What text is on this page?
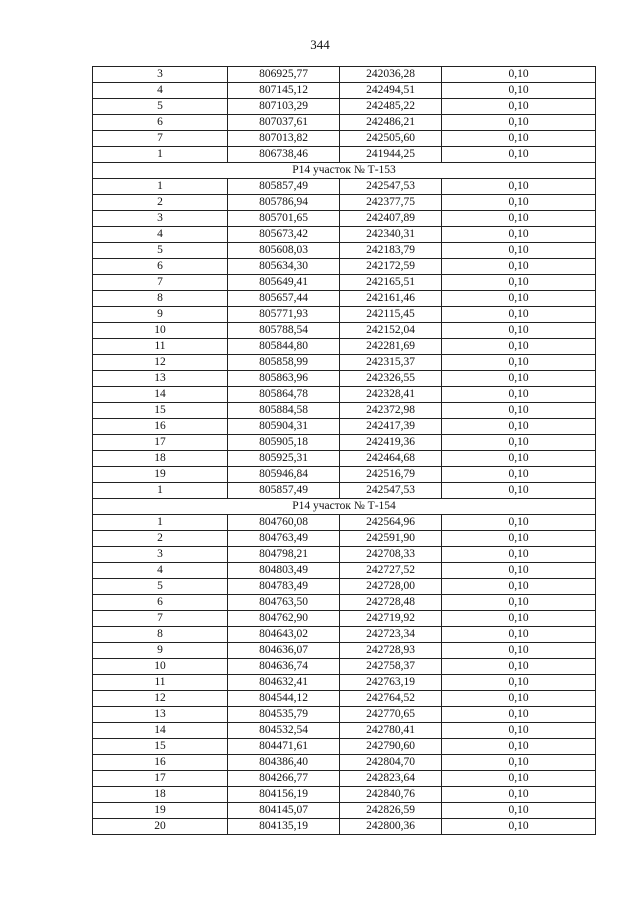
344
3	806925,77	242036,28	0,10
4	807145,12	242494,51	0,10
5	807103,29	242485,22	0,10
6	807037,61	242486,21	0,10
7	807013,82	242505,60	0,10
1	806738,46	241944,25	0,10
Р14 участок № Т-153			
1	805857,49	242547,53	0,10
2	805786,94	242377,75	0,10
3	805701,65	242407,89	0,10
4	805673,42	242340,31	0,10
5	805608,03	242183,79	0,10
6	805634,30	242172,59	0,10
7	805649,41	242165,51	0,10
8	805657,44	242161,46	0,10
9	805771,93	242115,45	0,10
10	805788,54	242152,04	0,10
11	805844,80	242281,69	0,10
12	805858,99	242315,37	0,10
13	805863,96	242326,55	0,10
14	805864,78	242328,41	0,10
15	805884,58	242372,98	0,10
16	805904,31	242417,39	0,10
17	805905,18	242419,36	0,10
18	805925,31	242464,68	0,10
19	805946,84	242516,79	0,10
1	805857,49	242547,53	0,10
Р14 участок № Т-154			
1	804760,08	242564,96	0,10
2	804763,49	242591,90	0,10
3	804798,21	242708,33	0,10
4	804803,49	242727,52	0,10
5	804783,49	242728,00	0,10
6	804763,50	242728,48	0,10
7	804762,90	242719,92	0,10
8	804643,02	242723,34	0,10
9	804636,07	242728,93	0,10
10	804636,74	242758,37	0,10
11	804632,41	242763,19	0,10
12	804544,12	242764,52	0,10
13	804535,79	242770,65	0,10
14	804532,54	242780,41	0,10
15	804471,61	242790,60	0,10
16	804386,40	242804,70	0,10
17	804266,77	242823,64	0,10
18	804156,19	242840,76	0,10
19	804145,07	242826,59	0,10
20	804135,19	242800,36	0,10
